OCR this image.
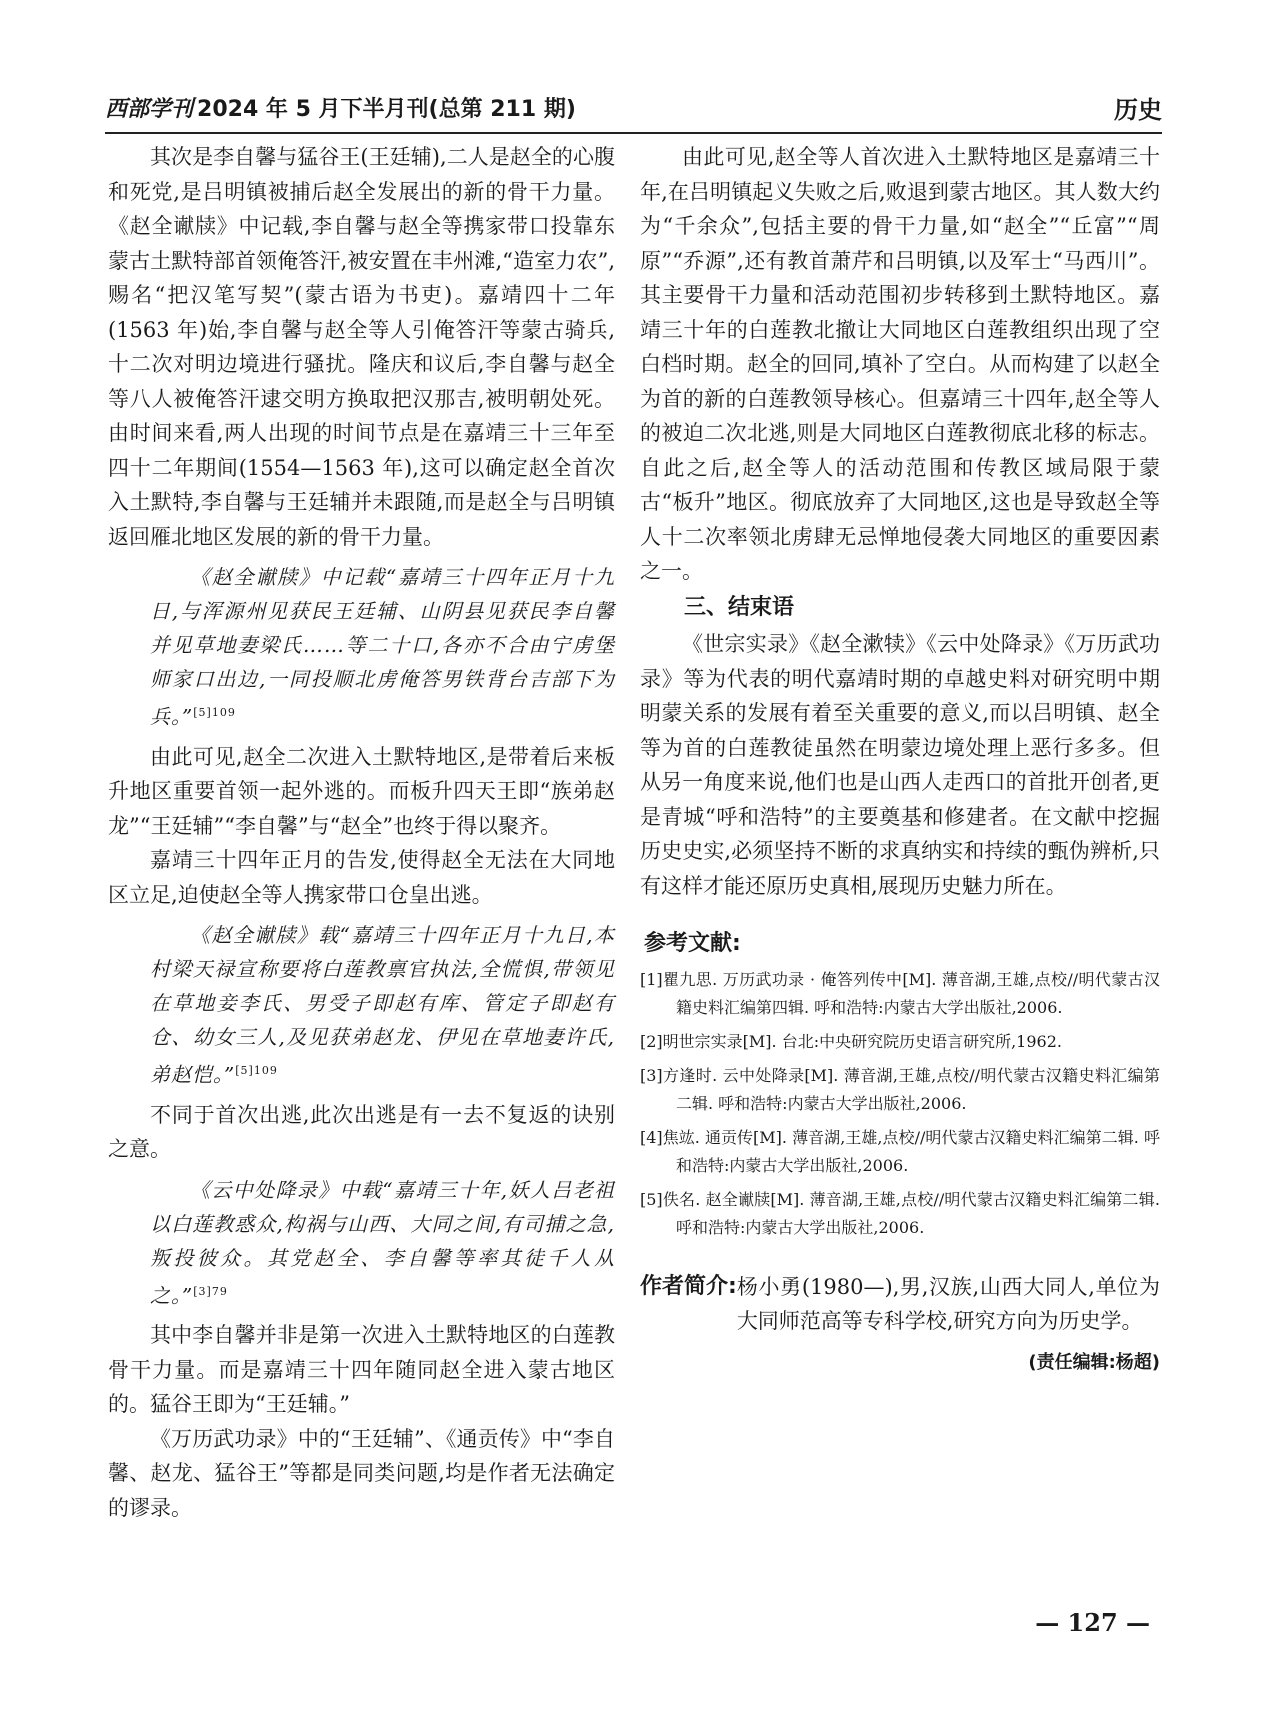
西部学刊 2024 年 5 月下半月刊(总第 211 期)	历史

其次是李自馨与猛谷王(王廷辅),二人是赵全的心腹和死党,是吕明镇被捕后赵全发展出的新的骨干力量。《赵全谳牍》中记载,李自馨与赵全等携家带口投靠东蒙古土默特部首领俺答汗,被安置在丰州滩,“造室力农”,赐名“把汉笔写契”(蒙古语为书吏)。嘉靖四十二年(1563 年)始,李自馨与赵全等人引俺答汗等蒙古骑兵,十二次对明边境进行骚扰。隆庆和议后,李自馨与赵全等八人被俺答汗逮交明方换取把汉那吉,被明朝处死。由时间来看,两人出现的时间节点是在嘉靖三十三年至四十二年期间(1554—1563 年),这可以确定赵全首次入土默特,李自馨与王廷辅并未跟随,而是赵全与吕明镇返回雁北地区发展的新的骨干力量。

《赵全谳牍》中记载“嘉靖三十四年正月十九日,与浑源州见获民王廷辅、山阴县见获民李自馨并见草地妻梁氏……等二十口,各亦不合由宁虏堡师家口出边,一同投顺北虏俺答男铁背台吉部下为兵。”$^{[5]109}$

由此可见,赵全二次进入土默特地区,是带着后来板升地区重要首领一起外逃的。而板升四天王即“族弟赵龙”“王廷辅”“李自馨”与“赵全”也终于得以聚齐。

嘉靖三十四年正月的告发,使得赵全无法在大同地区立足,迫使赵全等人携家带口仓皇出逃。

《赵全谳牍》载“嘉靖三十四年正月十九日,本村梁天禄宣称要将白莲教禀官执法,全慌惧,带领见在草地妾李氏、男受子即赵有库、管定子即赵有仓、幼女三人,及见获弟赵龙、伊见在草地妻许氏,弟赵恺。”$^{[5]109}$

不同于首次出逃,此次出逃是有一去不复返的诀别之意。

《云中处降录》中载“嘉靖三十年,妖人吕老祖以白莲教惑众,构祸与山西、大同之间,有司捕之急,叛投彼众。其党赵全、李自馨等率其徒千人从之。”$^{[3]79}$

其中李自馨并非是第一次进入土默特地区的白莲教骨干力量。而是嘉靖三十四年随同赵全进入蒙古地区的。猛谷王即为“王廷辅。”

《万历武功录》中的“王廷辅”、《通贡传》中“李自馨、赵龙、猛谷王”等都是同类问题,均是作者无法确定的谬录。

由此可见,赵全等人首次进入土默特地区是嘉靖三十年,在吕明镇起义失败之后,败退到蒙古地区。其人数大约为“千余众”,包括主要的骨干力量,如“赵全”“丘富”“周原”“乔源”,还有教首萧芹和吕明镇,以及军士“马西川”。其主要骨干力量和活动范围初步转移到土默特地区。嘉靖三十年的白莲教北撤让大同地区白莲教组织出现了空白档时期。赵全的回同,填补了空白。从而构建了以赵全为首的新的白莲教领导核心。但嘉靖三十四年,赵全等人的被迫二次北逃,则是大同地区白莲教彻底北移的标志。自此之后,赵全等人的活动范围和传教区域局限于蒙古“板升”地区。彻底放弃了大同地区,这也是导致赵全等人十二次率领北虏肆无忌惮地侵袭大同地区的重要因素之一。

三、结束语

《世宗实录》《赵全漱犊》《云中处降录》《万历武功录》等为代表的明代嘉靖时期的卓越史料对研究明中期明蒙关系的发展有着至关重要的意义,而以吕明镇、赵全等为首的白莲教徒虽然在明蒙边境处理上恶行多多。但从另一角度来说,他们也是山西人走西口的首批开创者,更是青城“呼和浩特”的主要奠基和修建者。在文献中挖掘历史史实,必须坚持不断的求真纳实和持续的甄伪辨析,只有这样才能还原历史真相,展现历史魅力所在。

参考文献:

[1]瞿九思. 万历武功录 · 俺答列传中[M]. 薄音湖,王雄,点校//明代蒙古汉籍史料汇编第四辑. 呼和浩特:内蒙古大学出版社,2006.

[2]明世宗实录[M]. 台北:中央研究院历史语言研究所,1962.

[3]方逢时. 云中处降录[M]. 薄音湖,王雄,点校//明代蒙古汉籍史料汇编第二辑. 呼和浩特:内蒙古大学出版社,2006.

[4]焦竑. 通贡传[M]. 薄音湖,王雄,点校//明代蒙古汉籍史料汇编第二辑. 呼和浩特:内蒙古大学出版社,2006.

[5]佚名. 赵全谳牍[M]. 薄音湖,王雄,点校//明代蒙古汉籍史料汇编第二辑. 呼和浩特:内蒙古大学出版社,2006.

作者简介: 杨小勇(1980—),男,汉族,山西大同人,单位为大同师范高等专科学校,研究方向为历史学。
(责任编辑:杨超)
— 127 —
